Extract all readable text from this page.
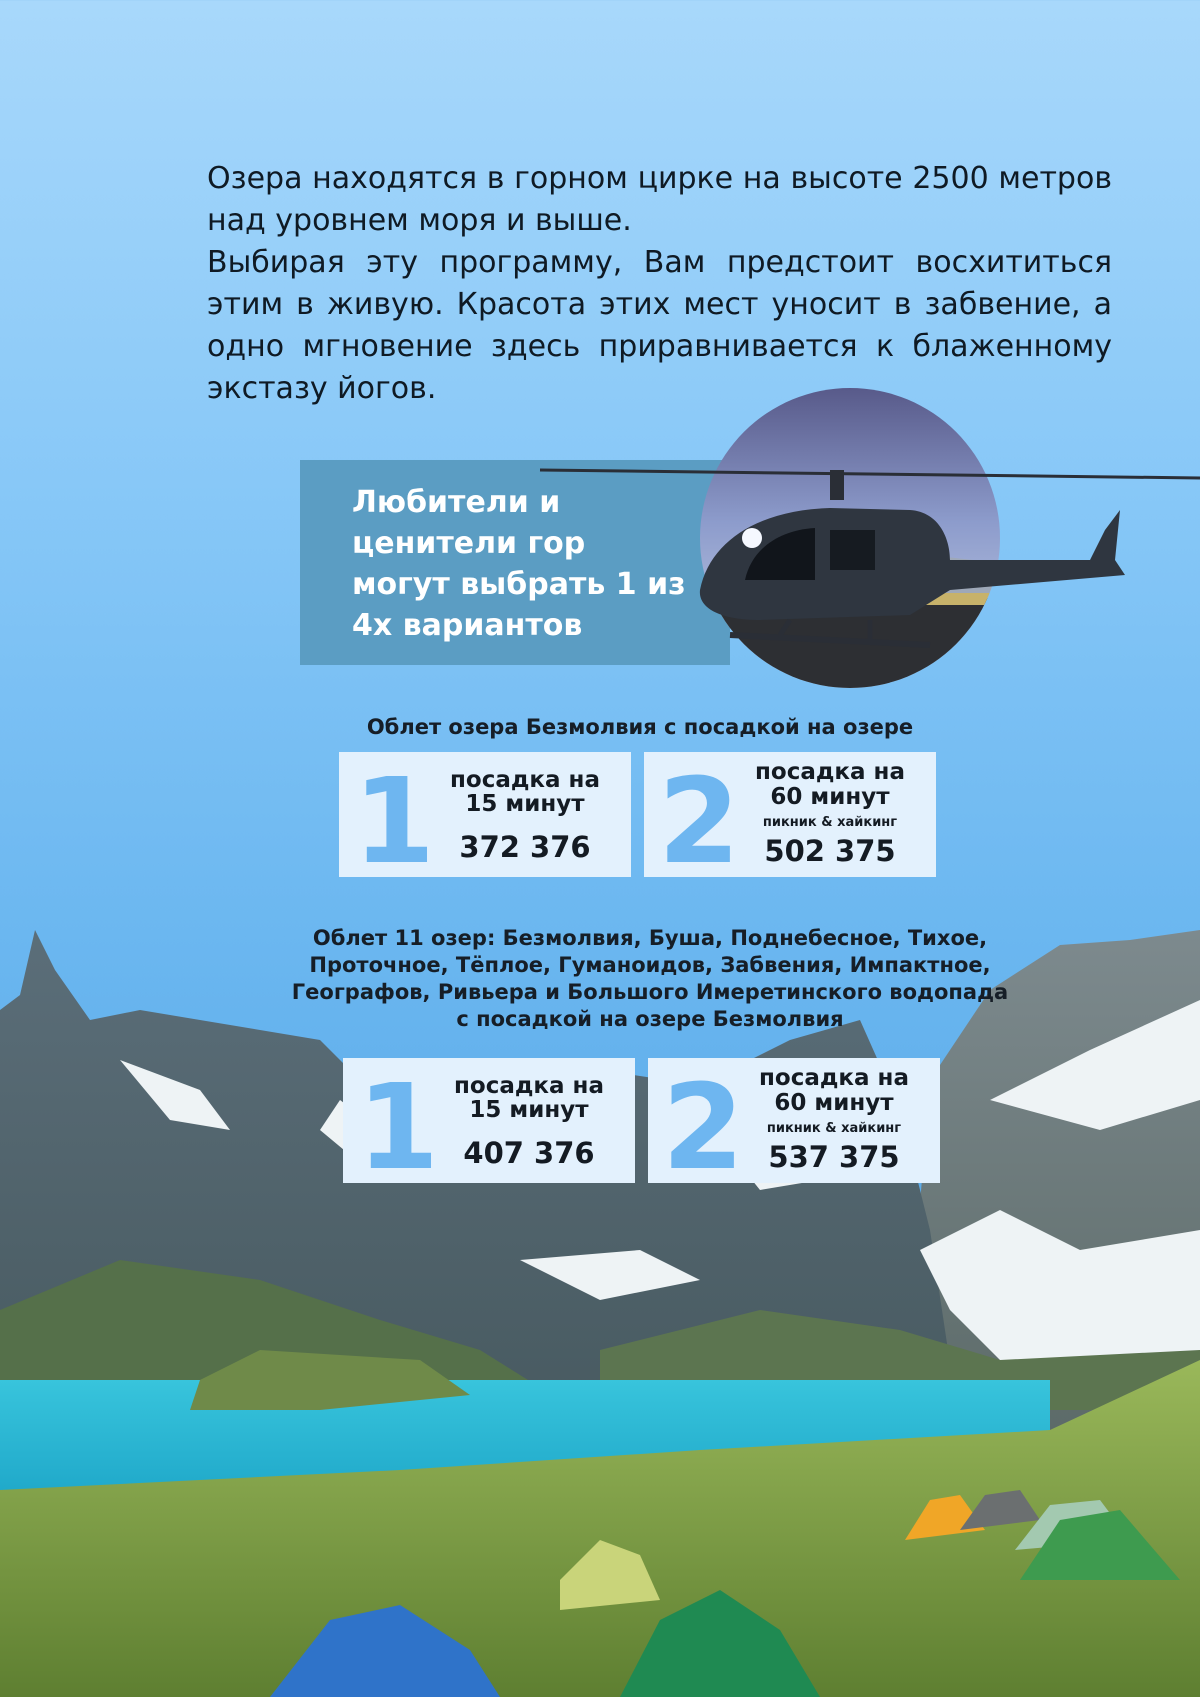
Озера находятся в горном цирке на высоте 2500 метров над уровнем моря и выше.

Выбирая эту программу, Вам предстоит восхититься этим в живую. Красота этих мест уносит в забвение, а одно мгновение здесь приравнивается к блаженному экстазу йогов.

Любители и ценители гор могут выбрать 1 из 4х вариантов

Облет озера Безмолвия с посадкой на озере

1 посадка на
15 минут
372 376 2 посадка на
60 минут
пикник & хайкинг
502 375
Облет 11 озер: Безмолвия, Буша, Поднебесное, Тихое,
Проточное, Тёплое, Гуманоидов, Забвения, Импактное,
Географов, Ривьера и Большого Имеретинского водопада
с посадкой на озере Безмолвия
1 посадка на
15 минут
407 376 2 посадка на
60 минут
пикник & хайкинг
537 375
